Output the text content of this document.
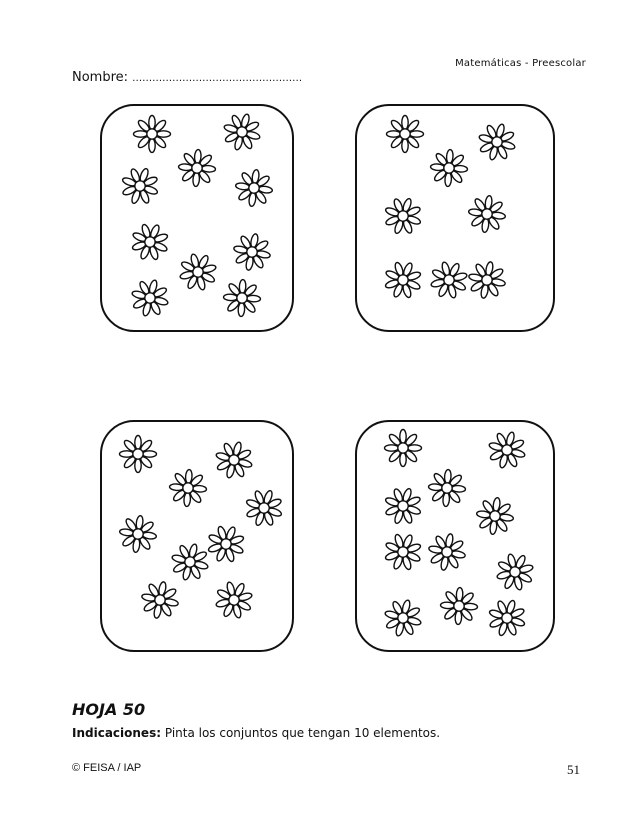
Matemáticas - Preescolar
Nombre: ……………………………………………
HOJA 50
Indicaciones: Pinta los conjuntos que tengan 10 elementos.
© FEISA / IAP	51
